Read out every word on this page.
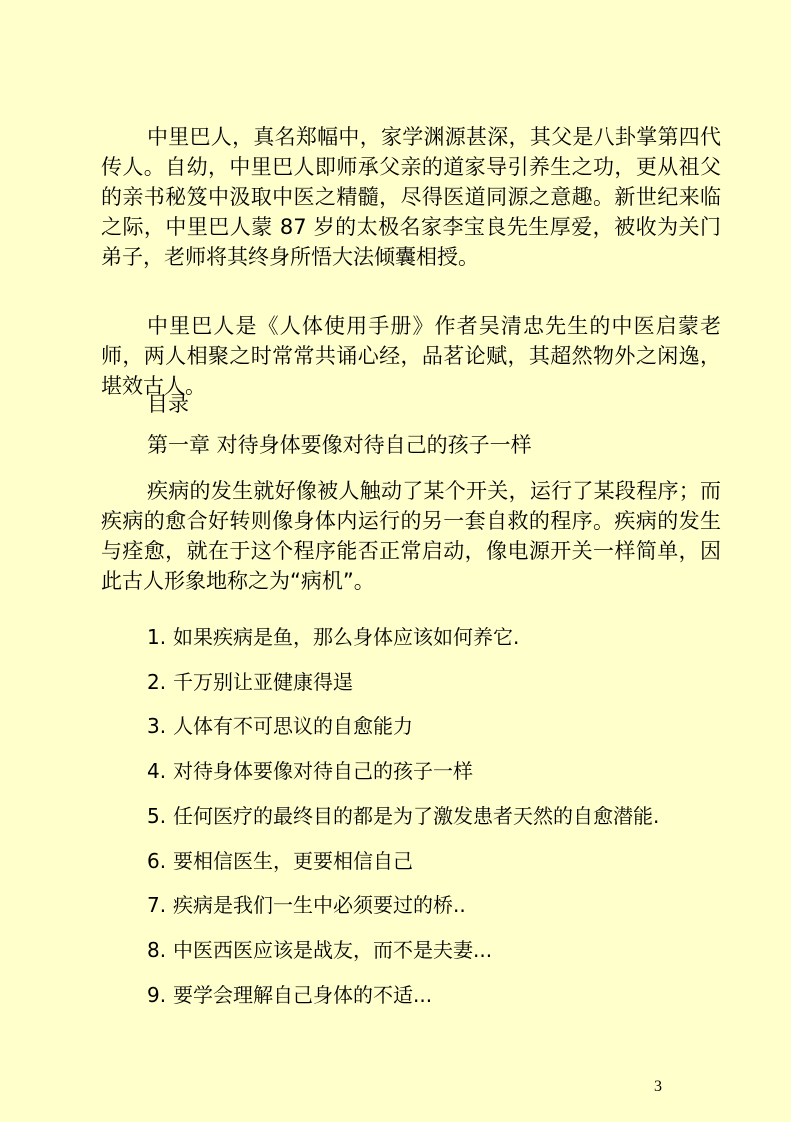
中里巴人，真名郑幅中，家学渊源甚深，其父是八卦掌第四代传人。自幼，中里巴人即师承父亲的道家导引养生之功，更从祖父的亲书秘笈中汲取中医之精髓，尽得医道同源之意趣。新世纪来临之际，中里巴人蒙 87 岁的太极名家李宝良先生厚爱，被收为关门弟子，老师将其终身所悟大法倾囊相授。

中里巴人是《人体使用手册》作者吴清忠先生的中医启蒙老师，两人相聚之时常常共诵心经，品茗论赋，其超然物外之闲逸，堪效古人。

目录

第一章 对待身体要像对待自己的孩子一样

疾病的发生就好像被人触动了某个开关，运行了某段程序；而疾病的愈合好转则像身体内运行的另一套自救的程序。疾病的发生与痊愈，就在于这个程序能否正常启动，像电源开关一样简单，因此古人形象地称之为“病机”。

1. 如果疾病是鱼，那么身体应该如何养它.

2. 千万别让亚健康得逞

3. 人体有不可思议的自愈能力

4. 对待身体要像对待自己的孩子一样

5. 任何医疗的最终目的都是为了激发患者天然的自愈潜能.

6. 要相信医生，更要相信自己

7. 疾病是我们一生中必须要过的桥..

8. 中医西医应该是战友，而不是夫妻...

9. 要学会理解自己身体的不适...

3
